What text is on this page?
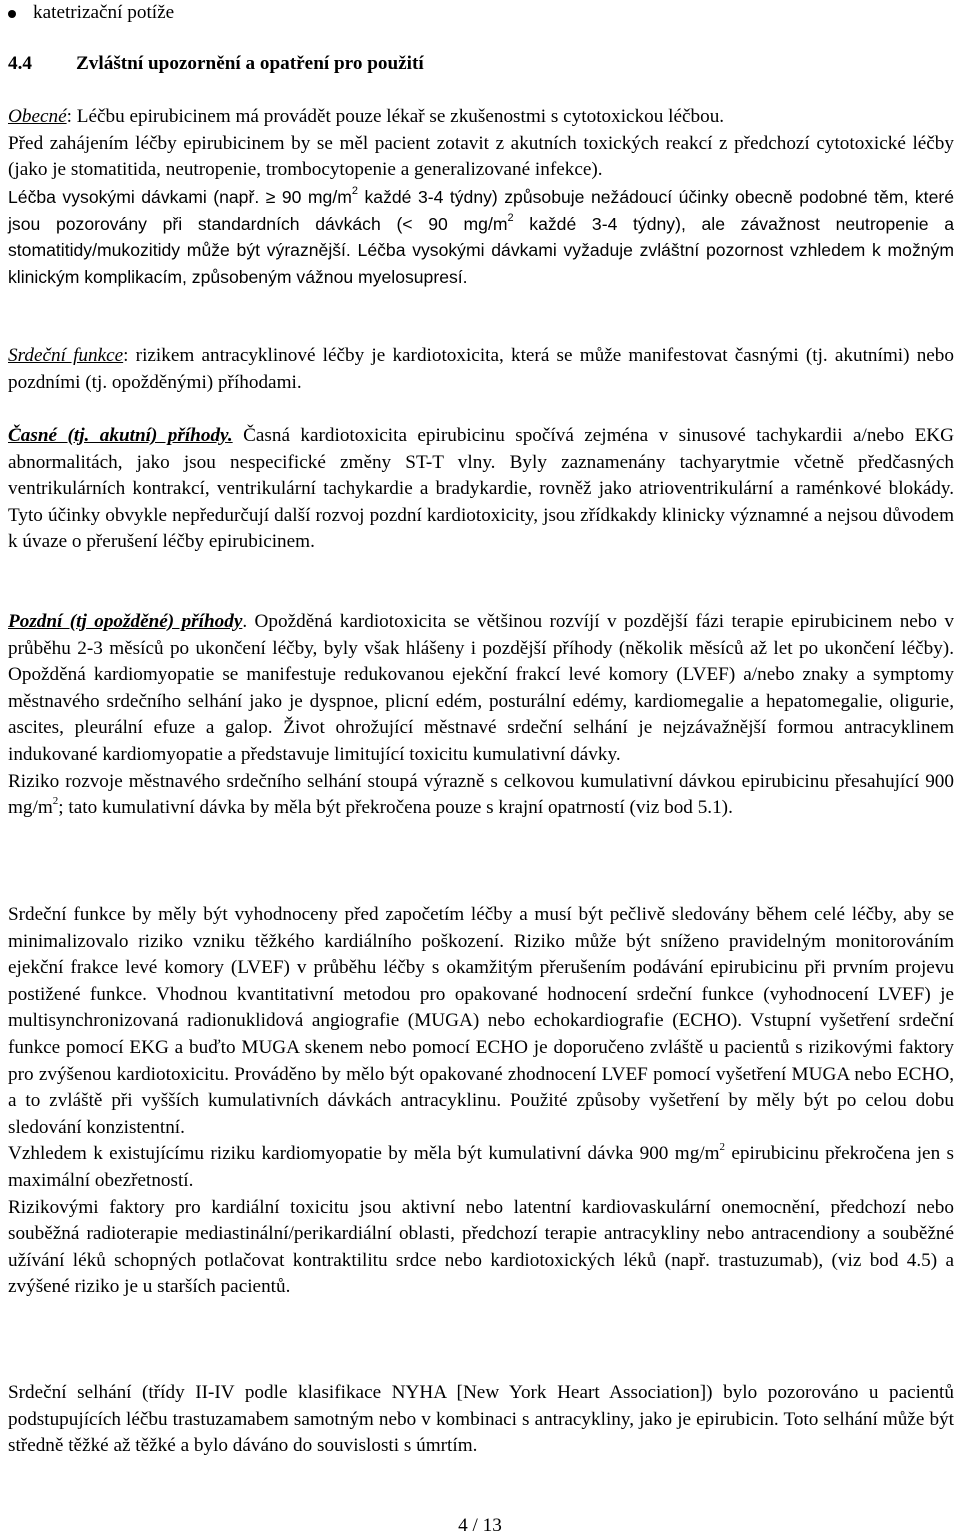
katetrizační potíže

4.4 Zvláštní upozornění a opatření pro použití

Obecné: Léčbu epirubicinem má provádět pouze lékař se zkušenostmi s cytotoxickou léčbou.
Před zahájením léčby epirubicinem by se měl pacient zotavit z akutních toxických reakcí z předchozí cytotoxické léčby (jako je stomatitida, neutropenie, trombocytopenie a generalizované infekce).

Léčba vysokými dávkami (např. ≥ 90 $mg/m^2$ každé 3-4 týdny) způsobuje nežádoucí účinky obecně podobné těm, které jsou pozorovány při standardních dávkách (< 90 $mg/m^2$ každé 3-4 týdny), ale závažnost neutropenie a stomatitidy/mukozitidy může být výraznější. Léčba vysokými dávkami vyžaduje zvláštní pozornost vzhledem k možným klinickým komplikacím, způsobeným vážnou myelosupresí.

Srdeční funkce: rizikem antracyklinové léčby je kardiotoxicita, která se může manifestovat časnými (tj. akutními) nebo pozdními (tj. opožděnými) příhodami.

Časné (tj. akutní) příhody. Časná kardiotoxicita epirubicinu spočívá zejména v sinusové tachykardii a/nebo EKG abnormalitách, jako jsou nespecifické změny ST-T vlny. Byly zaznamenány tachyarytmie včetně předčasných ventrikulárních kontrakcí, ventrikulární tachykardie a bradykardie, rovněž jako atrioventrikulární a raménkové blokády. Tyto účinky obvykle nepředurčují další rozvoj pozdní kardiotoxicity, jsou zřídkakdy klinicky významné a nejsou důvodem k úvaze o přerušení léčby epirubicinem.

Pozdní (tj opožděné) příhody. Opožděná kardiotoxicita se většinou rozvíjí v pozdější fázi terapie epirubicinem nebo v průběhu 2-3 měsíců po ukončení léčby, byly však hlášeny i pozdější příhody (několik měsíců až let po ukončení léčby). Opožděná kardiomyopatie se manifestuje redukovanou ejekční frakcí levé komory (LVEF) a/nebo znaky a symptomy městnavého srdečního selhání jako je dyspnoe, plicní edém, posturální edémy, kardiomegalie a hepatomegalie, oligurie, ascites, pleurální efuze a galop. Život ohrožující městnavé srdeční selhání je nejzávažnější formou antracyklinem indukované kardiomyopatie a představuje limitující toxicitu kumulativní dávky.
Riziko rozvoje městnavého srdečního selhání stoupá výrazně s celkovou kumulativní dávkou epirubicinu přesahující 900 $mg/m^2$; tato kumulativní dávka by měla být překročena pouze s krajní opatrností (viz bod 5.1).

Srdeční funkce by měly být vyhodnoceny před započetím léčby a musí být pečlivě sledovány během celé léčby, aby se minimalizovalo riziko vzniku těžkého kardiálního poškození. Riziko může být sníženo pravidelným monitorováním ejekční frakce levé komory (LVEF) v průběhu léčby s okamžitým přerušením podávání epirubicinu při prvním projevu postižené funkce. Vhodnou kvantitativní metodou pro opakované hodnocení srdeční funkce (vyhodnocení LVEF) je multisynchronizovaná radionuklidová angiografie (MUGA) nebo echokardiografie (ECHO). Vstupní vyšetření srdeční funkce pomocí EKG a buďto MUGA skenem nebo pomocí ECHO je doporučeno zvláště u pacientů s rizikovými faktory pro zvýšenou kardiotoxicitu. Prováděno by mělo být opakované zhodnocení LVEF pomocí vyšetření MUGA nebo ECHO, a to zvláště při vyšších kumulativních dávkách antracyklinu. Použité způsoby vyšetření by měly být po celou dobu sledování konzistentní.
Vzhledem k existujícímu riziku kardiomyopatie by měla být kumulativní dávka 900 $mg/m^2$ epirubicinu překročena jen s maximální obezřetností.
Rizikovými faktory pro kardiální toxicitu jsou aktivní nebo latentní kardiovaskulární onemocnění, předchozí nebo souběžná radioterapie mediastinální/perikardiální oblasti, předchozí terapie antracykliny nebo antracendiony a souběžné užívání léků schopných potlačovat kontraktilitu srdce nebo kardiotoxických léků (např. trastuzumab), (viz bod 4.5) a zvýšené riziko je u starších pacientů.

Srdeční selhání (třídy II-IV podle klasifikace NYHA [New York Heart Association]) bylo pozorováno u pacientů podstupujících léčbu trastuzamabem samotným nebo v kombinaci s antracykliny, jako je epirubicin. Toto selhání může být středně těžké až těžké a bylo dáváno do souvislosti s úmrtím.

4 / 13
